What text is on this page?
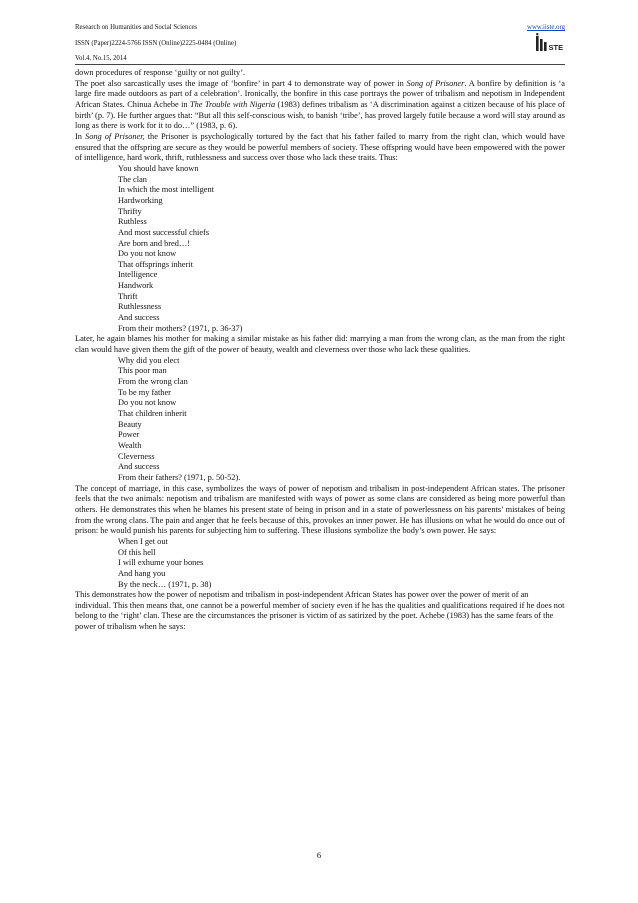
Research on Humanities and Social Sciences
ISSN (Paper)2224-5766 ISSN (Online)2225-0484 (Online)
Vol.4, No.15, 2014
www.iiste.org
STE

down procedures of response ‘guilty or not guilty’.

The poet also sarcastically uses the image of ‘bonfire’ in part 4 to demonstrate way of power in Song of Prisoner. A bonfire by definition is ‘a large fire made outdoors as part of a celebration’. Ironically, the bonfire in this case portrays the power of tribalism and nepotism in Independent African States. Chinua Achebe in The Trouble with Nigeria (1983) defines tribalism as ‘A discrimination against a citizen because of his place of birth’ (p. 7). He further argues that: “But all this self-conscious wish, to banish ‘tribe’, has proved largely futile because a word will stay around as long as there is work for it to do…” (1983, p. 6).

In Song of Prisoner, the Prisoner is psychologically tortured by the fact that his father failed to marry from the right clan, which would have ensured that the offspring are secure as they would be powerful members of society. These offspring would have been empowered with the power of intelligence, hard work, thrift, ruthlessness and success over those who lack these traits. Thus:

You should have known
The clan
In which the most intelligent
Hardworking
Thrifty
Ruthless
And most successful chiefs
Are born and bred…!
Do you not know
That offsprings inherit
Intelligence
Handwork
Thrift
Ruthlessness
And success
From their mothers? (1971, p. 36-37)

Later, he again blames his mother for making a similar mistake as his father did: marrying a man from the wrong clan, as the man from the right clan would have given them the gift of the power of beauty, wealth and cleverness over those who lack these qualities.

Why did you elect
This poor man
From the wrong clan
To be my father
Do you not know
That children inherit
Beauty
Power
Wealth
Cleverness
And success
From their fathers? (1971, p. 50-52).

The concept of marriage, in this case, symbolizes the ways of power of nepotism and tribalism in post-independent African states. The prisoner feels that the two animals: nepotism and tribalism are manifested with ways of power as some clans are considered as being more powerful than others. He demonstrates this when he blames his present state of being in prison and in a state of powerlessness on his parents’ mistakes of being from the wrong clans. The pain and anger that he feels because of this, provokes an inner power. He has illusions on what he would do once out of prison: he would punish his parents for subjecting him to suffering. These illusions symbolize the body’s own power. He says:

When I get out
Of this hell
I will exhume your bones
And hang you
By the neck… (1971, p. 38)

This demonstrates how the power of nepotism and tribalism in post-independent African States has power over the power of merit of an individual. This then means that, one cannot be a powerful member of society even if he has the qualities and qualifications required if he does not belong to the ‘right’ clan. These are the circumstances the prisoner is victim of as satirized by the poet. Achebe (1983) has the same fears of the power of tribalism when he says:

6
